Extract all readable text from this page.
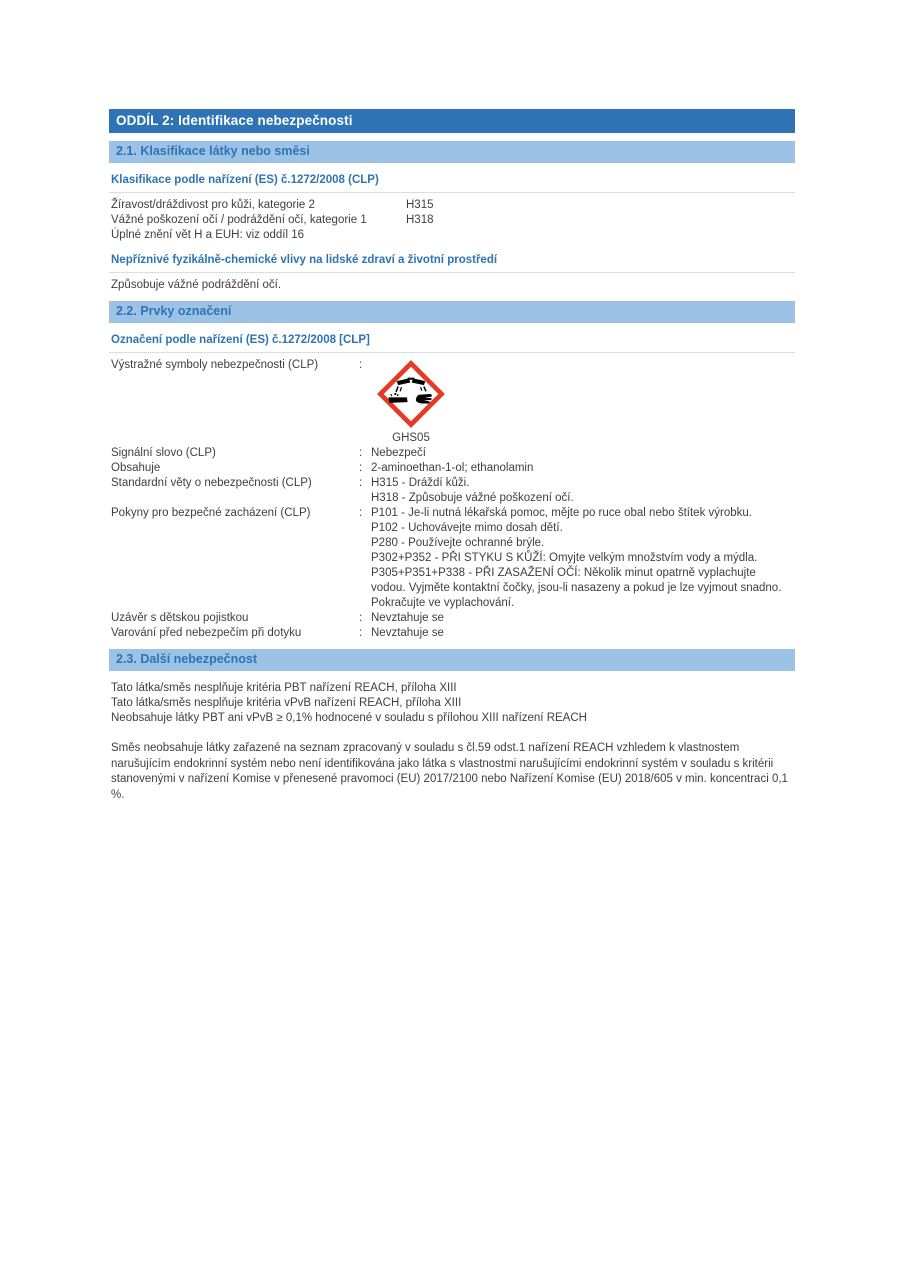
ODDÍL 2: Identifikace nebezpečnosti
2.1. Klasifikace látky nebo směsi
Klasifikace podle nařízení (ES) č.1272/2008 (CLP)
Žíravost/dráždivost pro kůži, kategorie 2	H315
Vážné poškození očí / podráždění očí, kategorie 1	H318
Úplné znění vět H a EUH: viz oddíl 16
Nepříznivé fyzikálně-chemické vlivy na lidské zdraví a životní prostředí
Způsobuje vážné podráždění očí.
2.2. Prvky označení
Označení podle nařízení (ES) č.1272/2008 [CLP]
Výstražné symboly nebezpečnosti (CLP)	:
GHS05
Signální slovo (CLP)	: Nebezpečí
Obsahuje	: 2-aminoethan-1-ol; ethanolamin
Standardní věty o nebezpečnosti (CLP)	: H315 - Dráždí kůži.
H318 - Způsobuje vážné poškození očí.
Pokyny pro bezpečné zacházení (CLP)	: P101 - Je-li nutná lékařská pomoc, mějte po ruce obal nebo štítek výrobku.
P102 - Uchovávejte mimo dosah dětí.
P280 - Používejte ochranné brýle.
P302+P352 - PŘI STYKU S KŮŽÍ: Omyjte velkým množstvím vody a mýdla.
P305+P351+P338 - PŘI ZASAŽENÍ OČÍ: Několik minut opatrně vyplachujte vodou. Vyjměte kontaktní čočky, jsou-li nasazeny a pokud je lze vyjmout snadno. Pokračujte ve vyplachování.
Uzávěr s dětskou pojistkou	: Nevztahuje se
Varování před nebezpečím při dotyku	: Nevztahuje se
2.3. Další nebezpečnost
Tato látka/směs nesplňuje kritéria PBT nařízení REACH, příloha XIII
Tato látka/směs nesplňuje kritéria vPvB nařízení REACH, příloha XIII
Neobsahuje látky PBT ani vPvB ≥ 0,1% hodnocené v souladu s přílohou XIII nařízení REACH
Směs neobsahuje látky zařazené na seznam zpracovaný v souladu s čl.59 odst.1 nařízení REACH vzhledem k vlastnostem narušujícím endokrinní systém nebo není identifikována jako látka s vlastnostmi narušujícími endokrinní systém v souladu s kritérii stanovenými v nařízení Komise v přenesené pravomoci (EU) 2017/2100 nebo Nařízení Komise (EU) 2018/605 v min. koncentraci 0,1 %.
